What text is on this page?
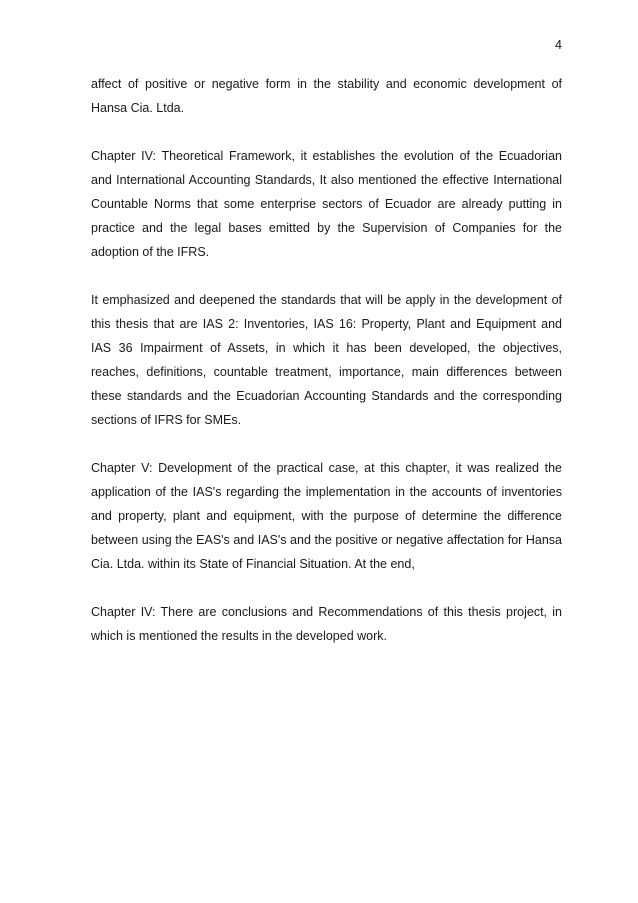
4

affect of positive or negative form in the stability and economic development of Hansa Cia. Ltda.

Chapter IV: Theoretical Framework, it establishes the evolution of the Ecuadorian and International Accounting Standards, It also mentioned the effective International Countable Norms that some enterprise sectors of Ecuador are already putting in practice and the legal bases emitted by the Supervision of Companies for the adoption of the IFRS.

It emphasized and deepened the standards that will be apply in the development of this thesis that are IAS 2: Inventories, IAS 16: Property, Plant and Equipment and IAS 36 Impairment of Assets, in which it has been developed, the objectives, reaches, definitions, countable treatment, importance, main differences between these standards and the Ecuadorian Accounting Standards and the corresponding sections of IFRS for SMEs.

Chapter V: Development of the practical case, at this chapter, it was realized the application of the IAS's regarding the implementation in the accounts of inventories and property, plant and equipment, with the purpose of determine the difference between using the EAS's and IAS's and the positive or negative affectation for Hansa Cia. Ltda. within its State of Financial Situation. At the end,

Chapter IV: There are conclusions and Recommendations of this thesis project, in which is mentioned the results in the developed work.
